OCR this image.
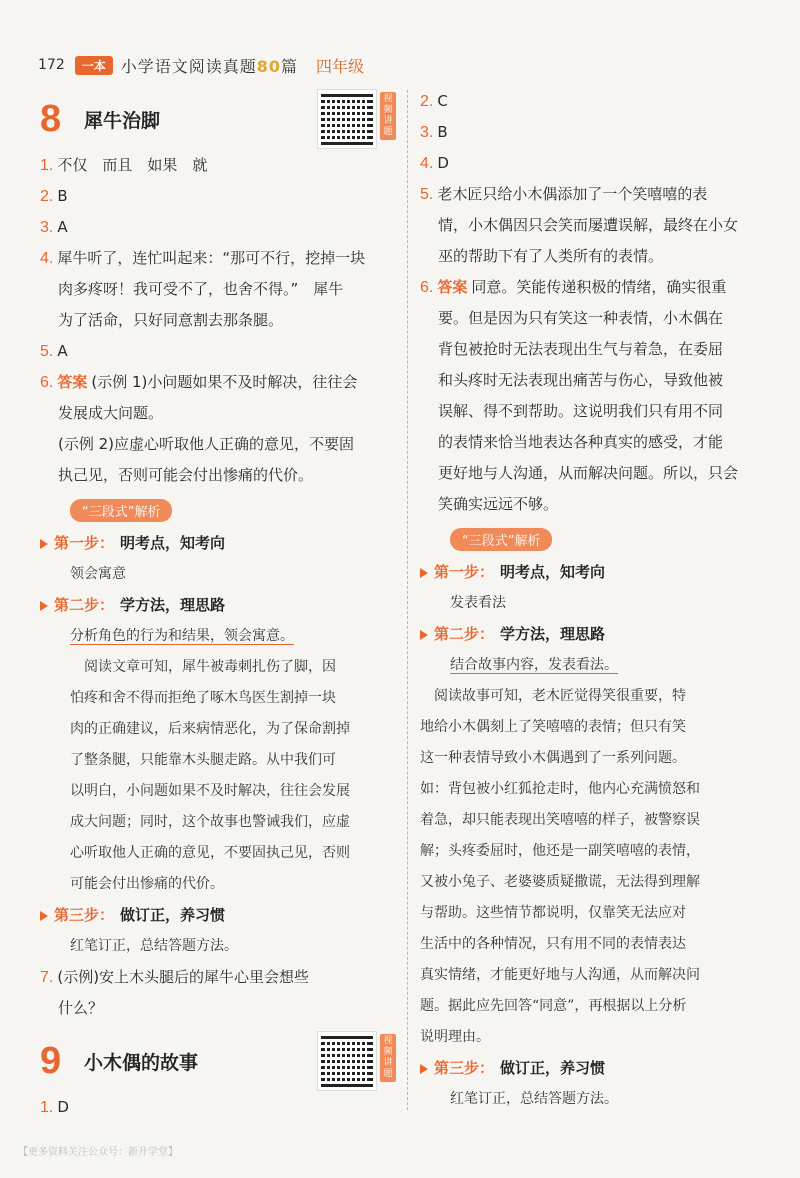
172	一本 小学语文阅读真题80篇 四年级
8	犀牛治脚
视频讲题
1. 不仅　而且　如果　就
2. B
3. A
4. 犀牛听了，连忙叫起来：“那可不行，挖掉一块
肉多疼呀！我可受不了，也舍不得。”　犀牛
为了活命，只好同意割去那条腿。
5. A
6. 答案 (示例 1)小问题如果不及时解决，往往会
发展成大问题。
(示例 2)应虚心听取他人正确的意见，不要固
执己见，否则可能会付出惨痛的代价。
“三段式”解析
第一步： 明考点，知考向
领会寓意
第二步： 学方法，理思路
分析角色的行为和结果，领会寓意。
　阅读文章可知，犀牛被毒刺扎伤了脚，因
怕疼和舍不得而拒绝了啄木鸟医生割掉一块
肉的正确建议，后来病情恶化，为了保命割掉
了整条腿，只能靠木头腿走路。从中我们可
以明白，小问题如果不及时解决，往往会发展
成大问题；同时，这个故事也警诫我们，应虚
心听取他人正确的意见，不要固执己见，否则
可能会付出惨痛的代价。
第三步： 做订正，养习惯
红笔订正，总结答题方法。
7. (示例)安上木头腿后的犀牛心里会想些
什么？
9	小木偶的故事
视频讲题
1. D
2. C
3. B
4. D
5. 老木匠只给小木偶添加了一个笑嘻嘻的表
情，小木偶因只会笑而屡遭误解，最终在小女
巫的帮助下有了人类所有的表情。
6. 答案 同意。笑能传递积极的情绪，确实很重
要。但是因为只有笑这一种表情，小木偶在
背包被抢时无法表现出生气与着急，在委屈
和头疼时无法表现出痛苦与伤心，导致他被
误解、得不到帮助。这说明我们只有用不同
的表情来恰当地表达各种真实的感受，才能
更好地与人沟通，从而解决问题。所以，只会
笑确实远远不够。
“三段式”解析
第一步： 明考点，知考向
发表看法
第二步： 学方法，理思路
结合故事内容，发表看法。
　阅读故事可知，老木匠觉得笑很重要，特
地给小木偶刻上了笑嘻嘻的表情；但只有笑
这一种表情导致小木偶遇到了一系列问题。
如：背包被小红狐抢走时，他内心充满愤怒和
着急，却只能表现出笑嘻嘻的样子，被警察误
解；头疼委屈时，他还是一副笑嘻嘻的表情，
又被小兔子、老婆婆质疑撒谎，无法得到理解
与帮助。这些情节都说明，仅靠笑无法应对
生活中的各种情况，只有用不同的表情表达
真实情绪，才能更好地与人沟通，从而解决问
题。据此应先回答“同意”，再根据以上分析
说明理由。
第三步： 做订正，养习惯
红笔订正，总结答题方法。
【更多资料关注公众号：新升学堂】
